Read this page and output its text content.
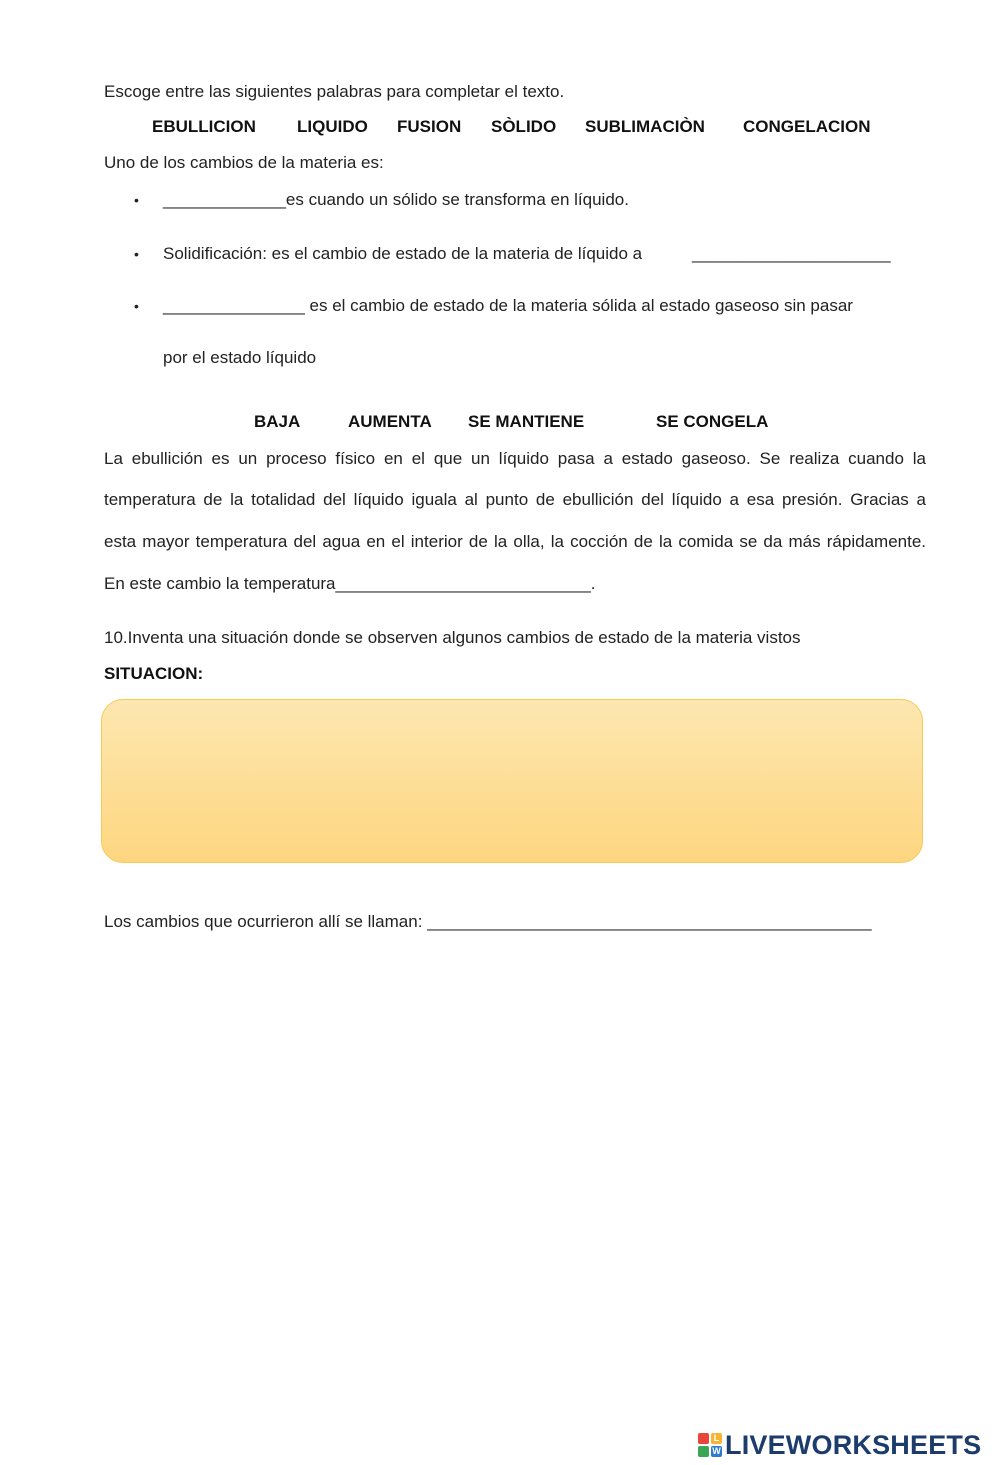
Escoge entre las siguientes palabras para completar el texto.
EBULLICION LIQUIDO FUSION SÒLIDO SUBLIMACIÒN CONGELACION
Uno de los cambios de la materia es:
• _____________es cuando un sólido se transforma en líquido.
• Solidificación: es el cambio de estado de la materia de líquido a	_____________________
• _______________ es el cambio de estado de la materia sólida al estado gaseoso sin pasar
por el estado líquido
BAJA	AUMENTA SE MANTIENE	SE CONGELA
La ebullición es un proceso físico en el que un líquido pasa a estado gaseoso. Se realiza cuando la
temperatura de la totalidad del líquido iguala al punto de ebullición del líquido a esa presión. Gracias a
esta mayor temperatura del agua en el interior de la olla, la cocción de la comida se da más rápidamente.
En este cambio la temperatura___________________________.
10.Inventa una situación donde se observen algunos cambios de estado de la materia vistos
SITUACION:
Los cambios que ocurrieron allí se llaman: _______________________________________________
L
W LIVEWORKSHEETS
